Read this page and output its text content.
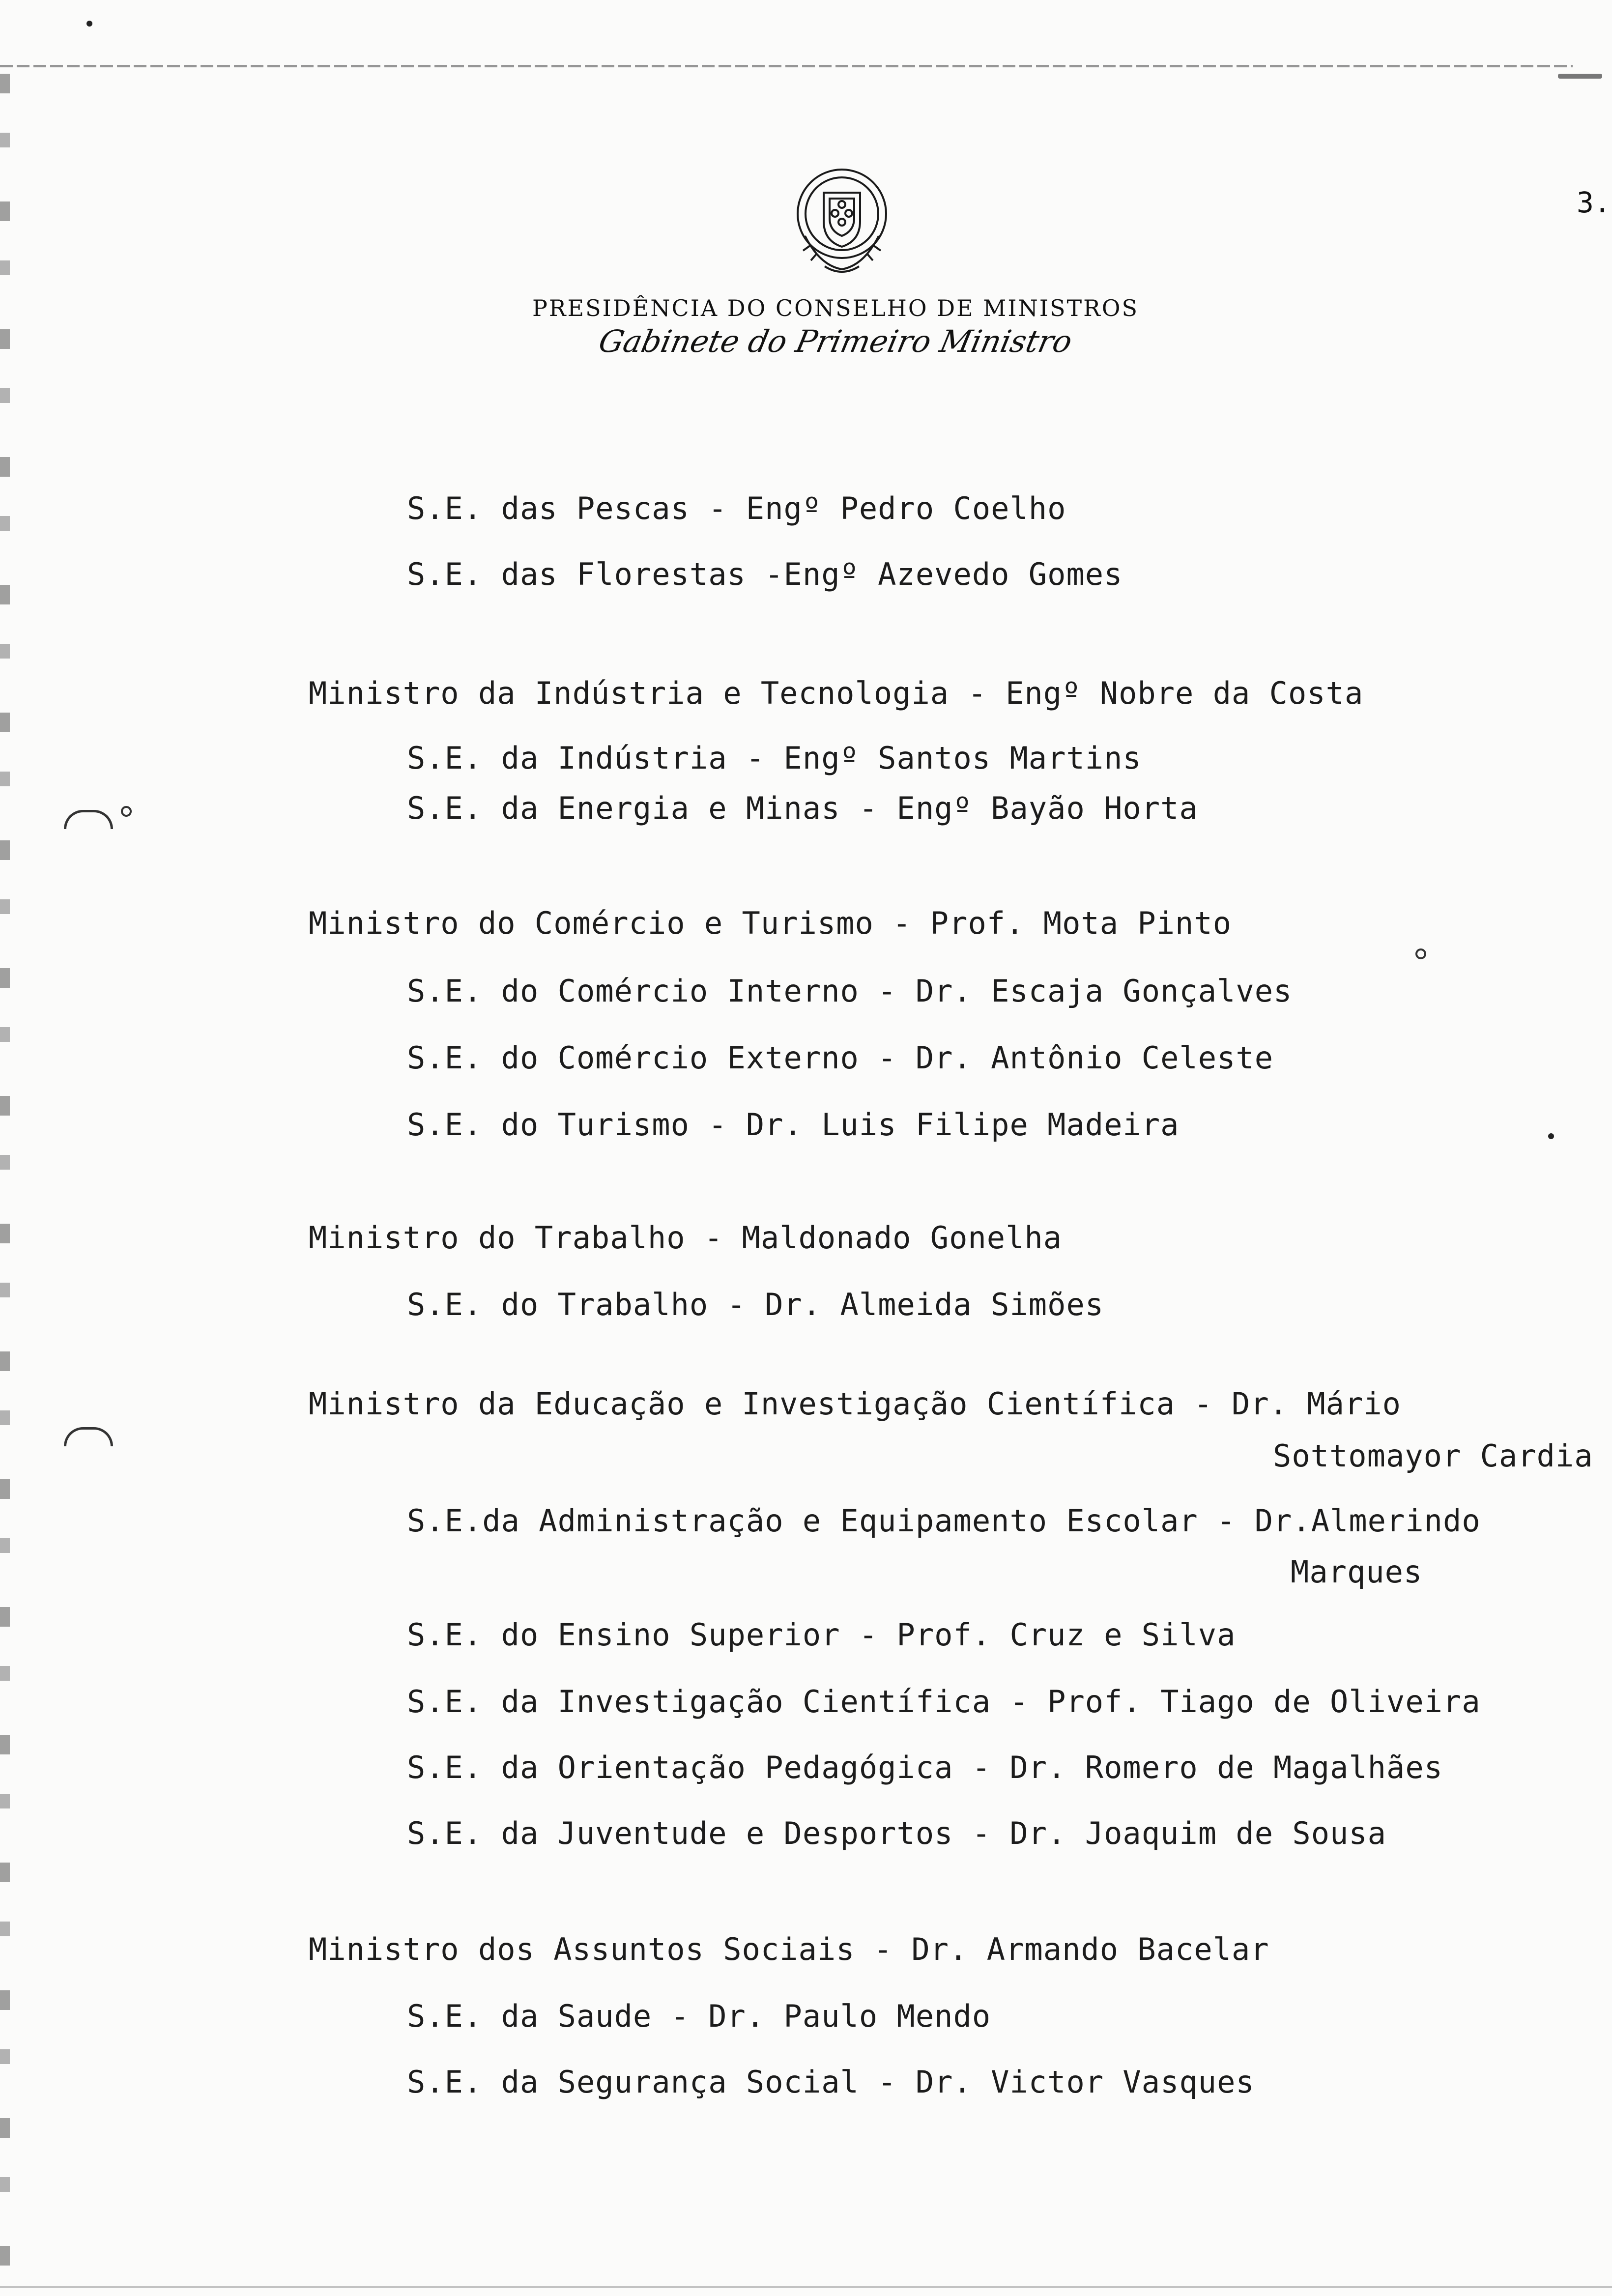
3.
PRESIDÊNCIA DO CONSELHO DE MINISTROS
Gabinete do Primeiro Ministro
S.E. das Pescas - Engº Pedro Coelho
S.E. das Florestas -Engº Azevedo Gomes
Ministro da Indústria e Tecnologia - Engº Nobre da Costa
S.E. da Indústria - Engº Santos Martins
S.E. da Energia e Minas - Engº Bayão Horta
Ministro do Comércio e Turismo - Prof. Mota Pinto
S.E. do Comércio Interno - Dr. Escaja Gonçalves
S.E. do Comércio Externo - Dr. Antônio Celeste
S.E. do Turismo - Dr. Luis Filipe Madeira
Ministro do Trabalho - Maldonado Gonelha
S.E. do Trabalho - Dr. Almeida Simões
Ministro da Educação e Investigação Científica - Dr. Mário
Sottomayor Cardia
S.E.da Administração e Equipamento Escolar - Dr.Almerindo
Marques
S.E. do Ensino Superior - Prof. Cruz e Silva
S.E. da Investigação Científica - Prof. Tiago de Oliveira
S.E. da Orientação Pedagógica - Dr. Romero de Magalhães
S.E. da Juventude e Desportos - Dr. Joaquim de Sousa
Ministro dos Assuntos Sociais - Dr. Armando Bacelar
S.E. da Saude - Dr. Paulo Mendo
S.E. da Segurança Social - Dr. Victor Vasques
